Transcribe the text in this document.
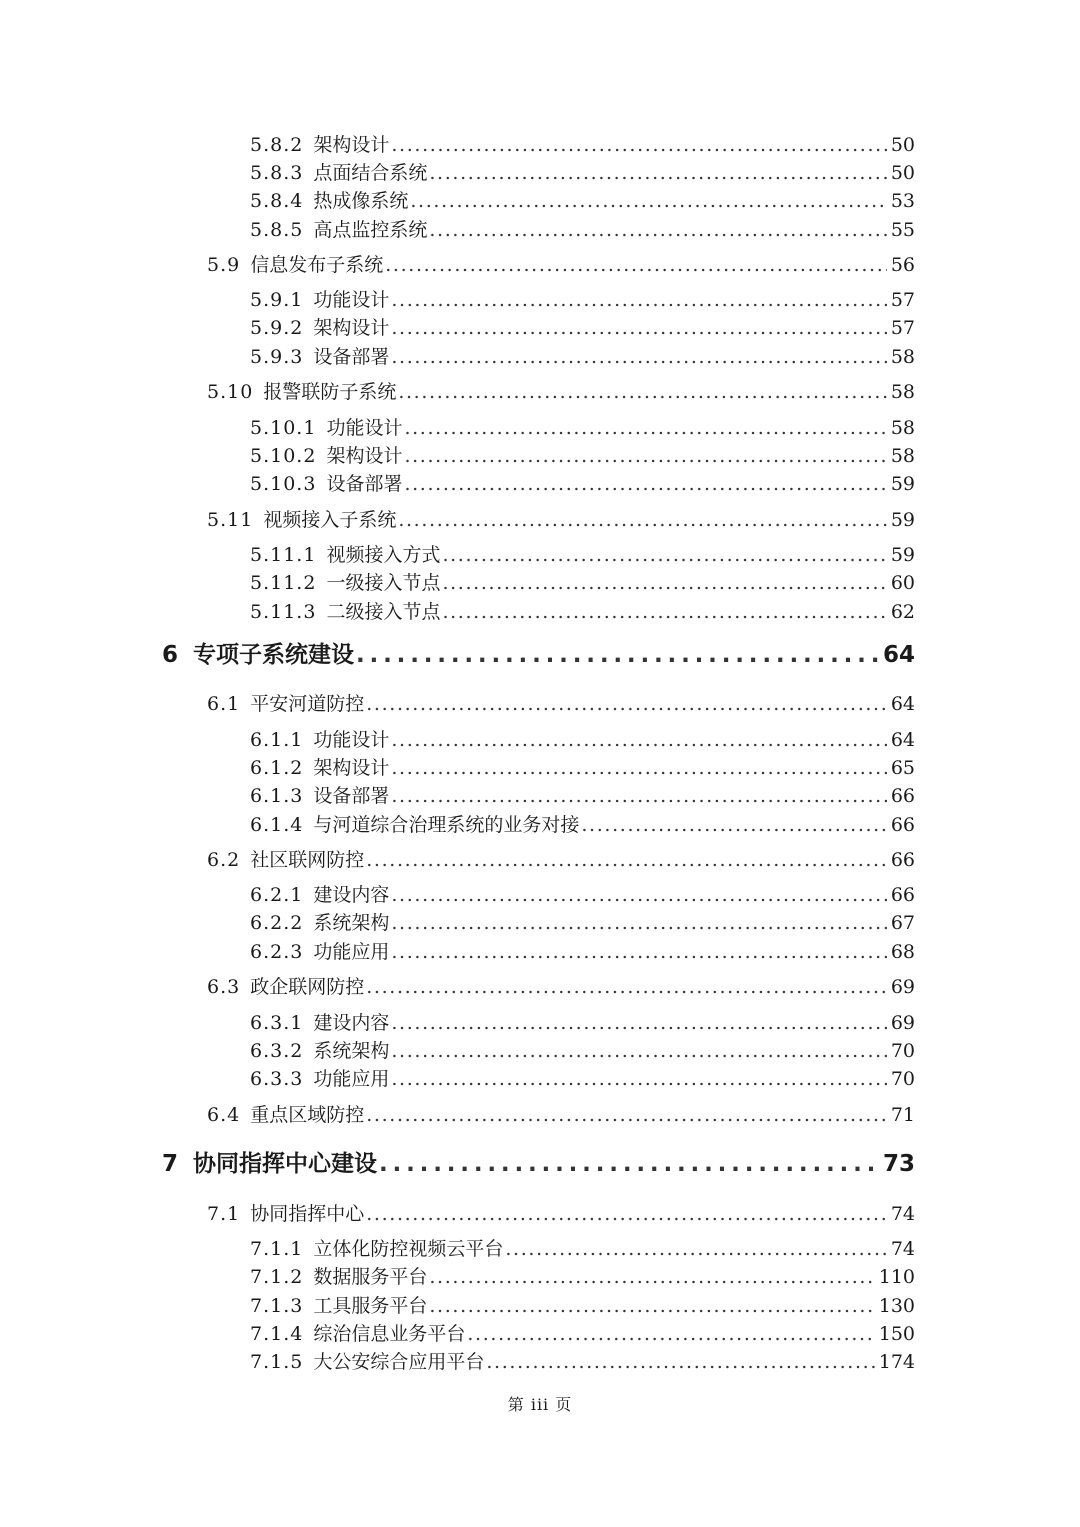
5.8.2 架构设计 . . .	50
5.8.3 点面结合系统 . . .	50
5.8.4 热成像系统 . . .	53
5.8.5 高点监控系统 . . .	55
5.9 信息发布子系统 . . .	56
5.9.1 功能设计 . . .	57
5.9.2 架构设计 . . .	57
5.9.3 设备部署 . . .	58
5.10 报警联防子系统 . . .	58
5.10.1 功能设计 . . .	58
5.10.2 架构设计 . . .	58
5.10.3 设备部署 . . .	59
5.11 视频接入子系统 . . .	59
5.11.1 视频接入方式 . . .	59
5.11.2 一级接入节点 . . .	60
5.11.3 二级接入节点 . . .	62
6 专项子系统建设 . . .	64
6.1 平安河道防控 . . .	64
6.1.1 功能设计 . . .	64
6.1.2 架构设计 . . .	65
6.1.3 设备部署 . . .	66
6.1.4 与河道综合治理系统的业务对接 . . .	66
6.2 社区联网防控 . . .	66
6.2.1 建设内容 . . .	66
6.2.2 系统架构 . . .	67
6.2.3 功能应用 . . .	68
6.3 政企联网防控 . . .	69
6.3.1 建设内容 . . .	69
6.3.2 系统架构 . . .	70
6.3.3 功能应用 . . .	70
6.4 重点区域防控 . . .	71
7 协同指挥中心建设 . . .	73
7.1 协同指挥中心 . . .	74
7.1.1 立体化防控视频云平台 . . .	74
7.1.2 数据服务平台 . . .	110
7.1.3 工具服务平台 . . .	130
7.1.4 综治信息业务平台 . . .	150
7.1.5 大公安综合应用平台 . . .	174
第 iii 页
